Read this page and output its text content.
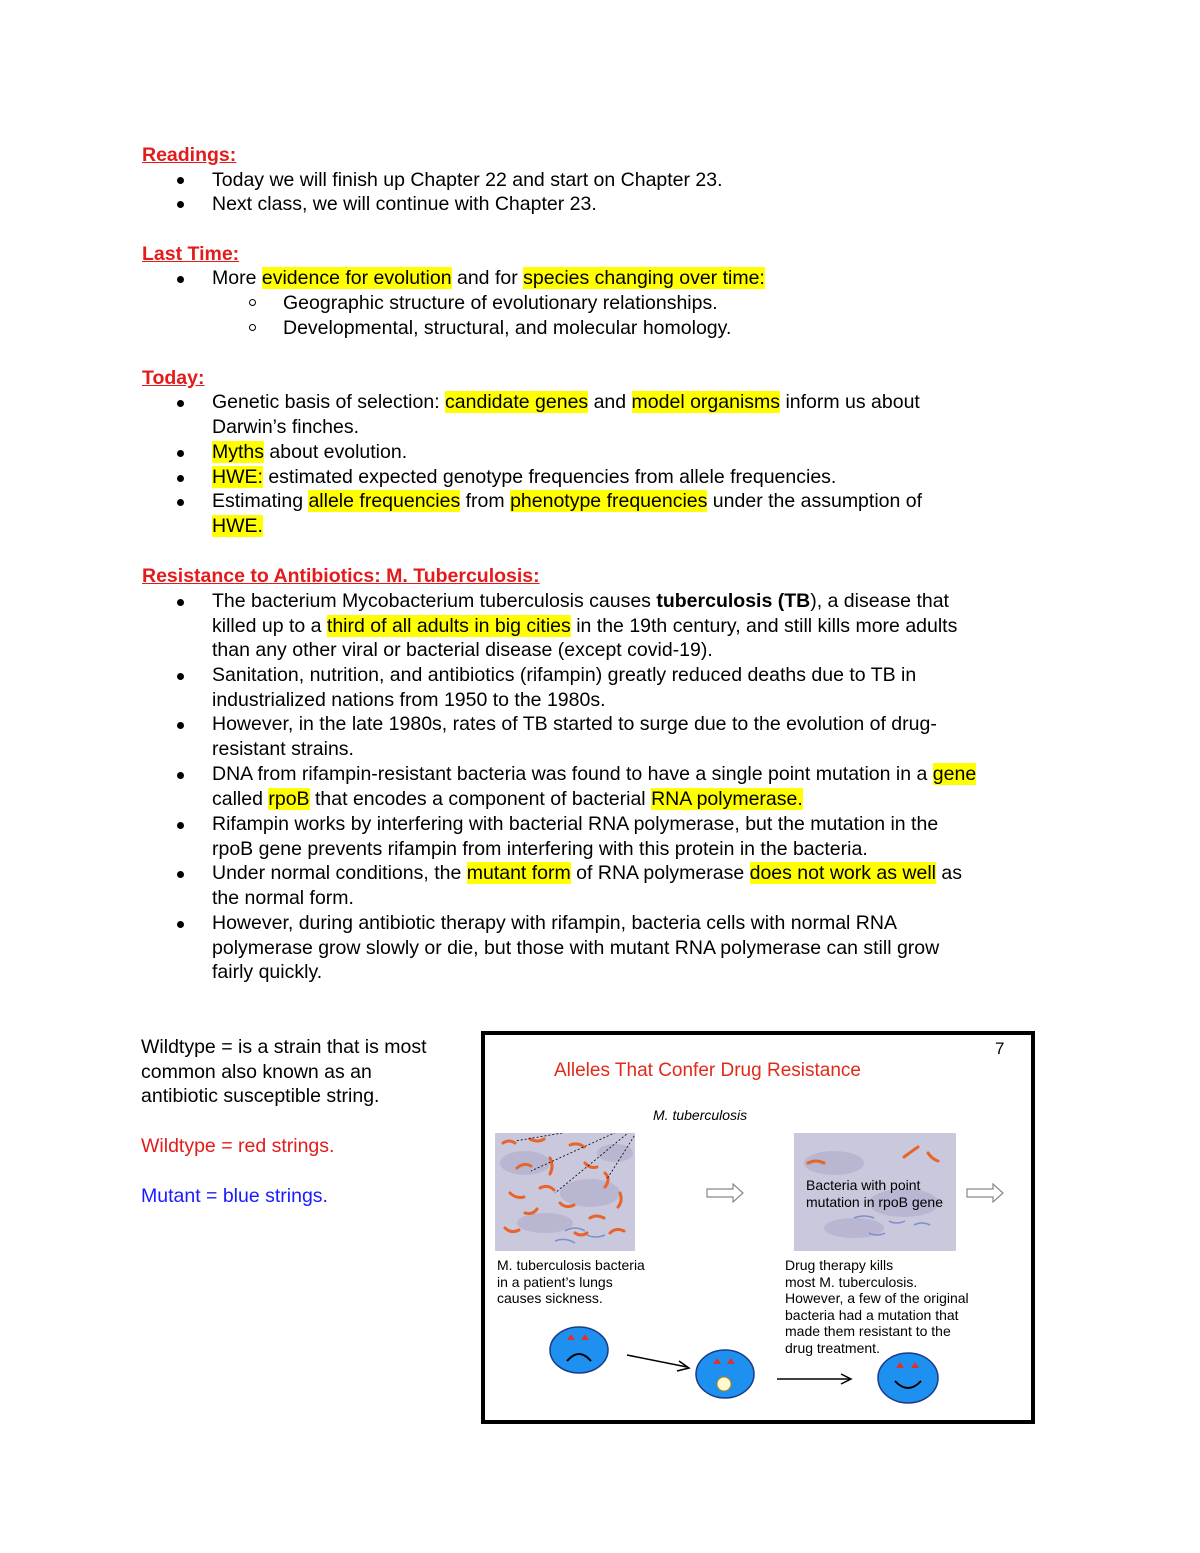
Readings:
Today we will finish up Chapter 22 and start on Chapter 23.
Next class, we will continue with Chapter 23.
Last Time:
More evidence for evolution and for species changing over time:
Geographic structure of evolutionary relationships.
Developmental, structural, and molecular homology.
Today:
Genetic basis of selection: candidate genes and model organisms inform us about
Darwin’s finches.
Myths about evolution.
HWE: estimated expected genotype frequencies from allele frequencies.
Estimating allele frequencies from phenotype frequencies under the assumption of
HWE.
Resistance to Antibiotics: M. Tuberculosis:
The bacterium Mycobacterium tuberculosis causes tuberculosis (TB), a disease that
killed up to a third of all adults in big cities in the 19th century, and still kills more adults
than any other viral or bacterial disease (except covid-19).
Sanitation, nutrition, and antibiotics (rifampin) greatly reduced deaths due to TB in
industrialized nations from 1950 to the 1980s.
However, in the late 1980s, rates of TB started to surge due to the evolution of drug-
resistant strains.
DNA from rifampin-resistant bacteria was found to have a single point mutation in a gene
called rpoB that encodes a component of bacterial RNA polymerase.
Rifampin works by interfering with bacterial RNA polymerase, but the mutation in the
rpoB gene prevents rifampin from interfering with this protein in the bacteria.
Under normal conditions, the mutant form of RNA polymerase does not work as well as
the normal form.
However, during antibiotic therapy with rifampin, bacteria cells with normal RNA
polymerase grow slowly or die, but those with mutant RNA polymerase can still grow
fairly quickly.
Wildtype = is a strain that is most
common also known as an
antibiotic susceptible string.
Wildtype = red strings.
Mutant = blue strings.
7
Alleles That Confer Drug Resistance
M. tuberculosis
Bacteria with point
mutation in rpoB gene
M. tuberculosis bacteria
in a patient’s lungs
causes sickness.
Drug therapy kills
most M. tuberculosis.
However, a few of the original
bacteria had a mutation that
made them resistant to the
drug treatment.
